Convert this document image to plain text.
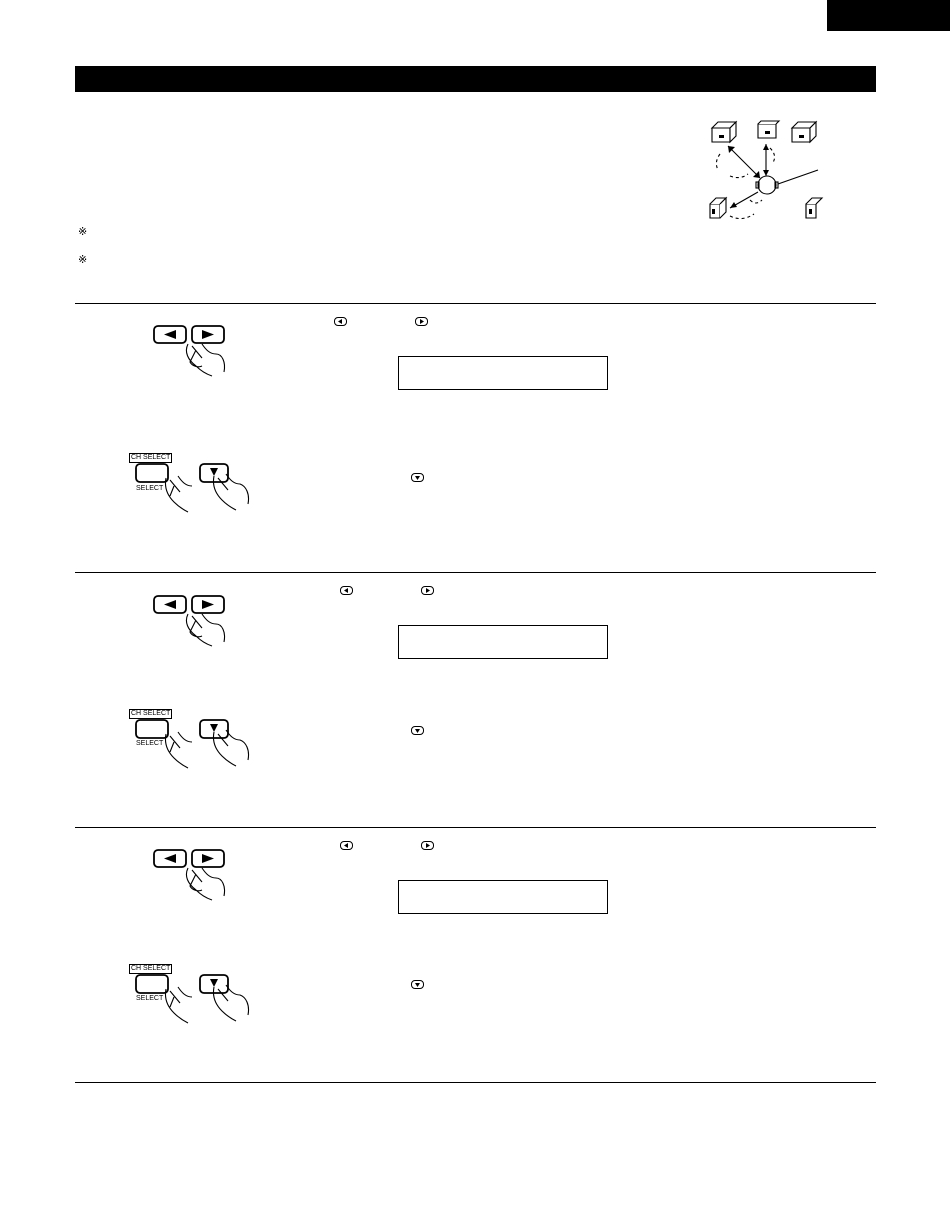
※
※
CH SELECT
SELECT
CH SELECT
SELECT
CH SELECT
SELECT
